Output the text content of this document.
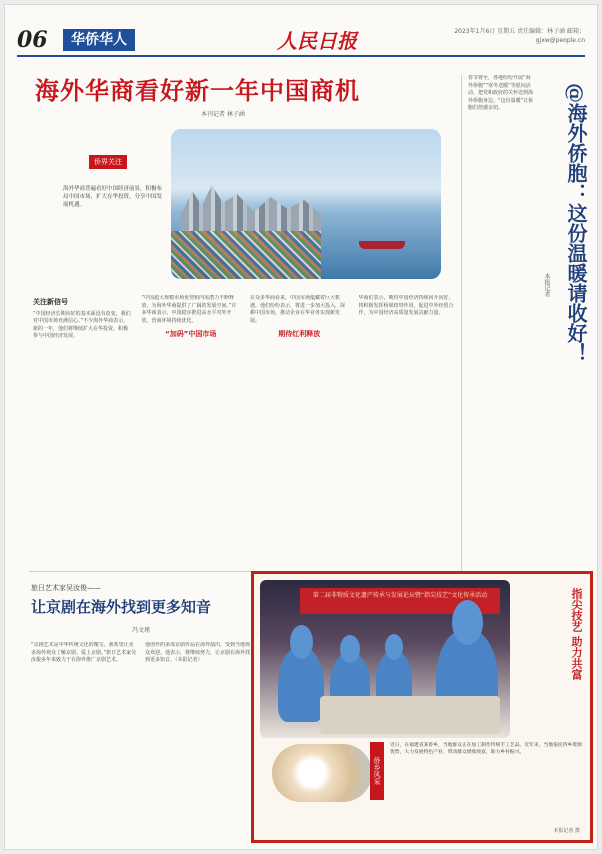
06	华侨华人	人民日报	2023年1月6日 星期五 责任编辑：林子涵 邮箱：gjxw@people.cn
海外华商看好新一年中国商机
本刊记者 林子涵
侨界关注
海外华商普遍看好中国经济前景，积极布局中国市场，扩大在华投资，分享中国发展机遇。
关注新信号
“中国经济长期向好的基本面没有改变，我们对中国市场充满信心。”不少海外华商表示，新的一年，他们将继续扩大在华投资，积极参与中国经济发展。
“中国超大规模市场优势和内需潜力不断释放，为海外华商提供了广阔的发展空间。”许多华商表示，中国稳步推进高水平对外开放，营商环境持续优化。
“加码”中国市场
在众多华商看来，中国市场蕴藏着巨大机遇。他们纷纷表示，将进一步加大投入，深耕中国市场，推动企业在华业务实现新发展。
期待红利释放
华商们表示，期待中国经济持续回升向好，将积极发挥桥梁纽带作用，促进中外经贸合作，为中国经济高质量发展贡献力量。
春节将至，各地纷纷开展“海外侨胞”“寒冬送暖”等慰问活动，把党和政府的关怀送到海外侨胞身边。“这份温暖”让侨胞们倍感亲切。	@海外侨胞：这份温暖请收好！
本报记者
旅日艺术家吴汝俊——
让京剧在海外找到更多知音
冯文瑾
“京剧艺术是中华传统文化的瑰宝，我希望让更多海外观众了解京剧、爱上京剧。”旅日艺术家吴汝俊多年来致力于在海外推广京剧艺术。
他创作的多部京剧作品在海外演出，受到当地观众欢迎。他表示，将继续努力，让京剧在海外找到更多知音。（本报记者）
第二届非物质文化遗产传承与发展论坛暨“指尖技艺”文化传承活动	指尖技艺 助力共富
侨乡风采
近日，在福建省某侨乡，当地群众正在加工制作传统手工艺品。近年来，当地依托侨乡资源优势，大力发展特色产业，带动群众增收致富，助力乡村振兴。
本报记者 摄
